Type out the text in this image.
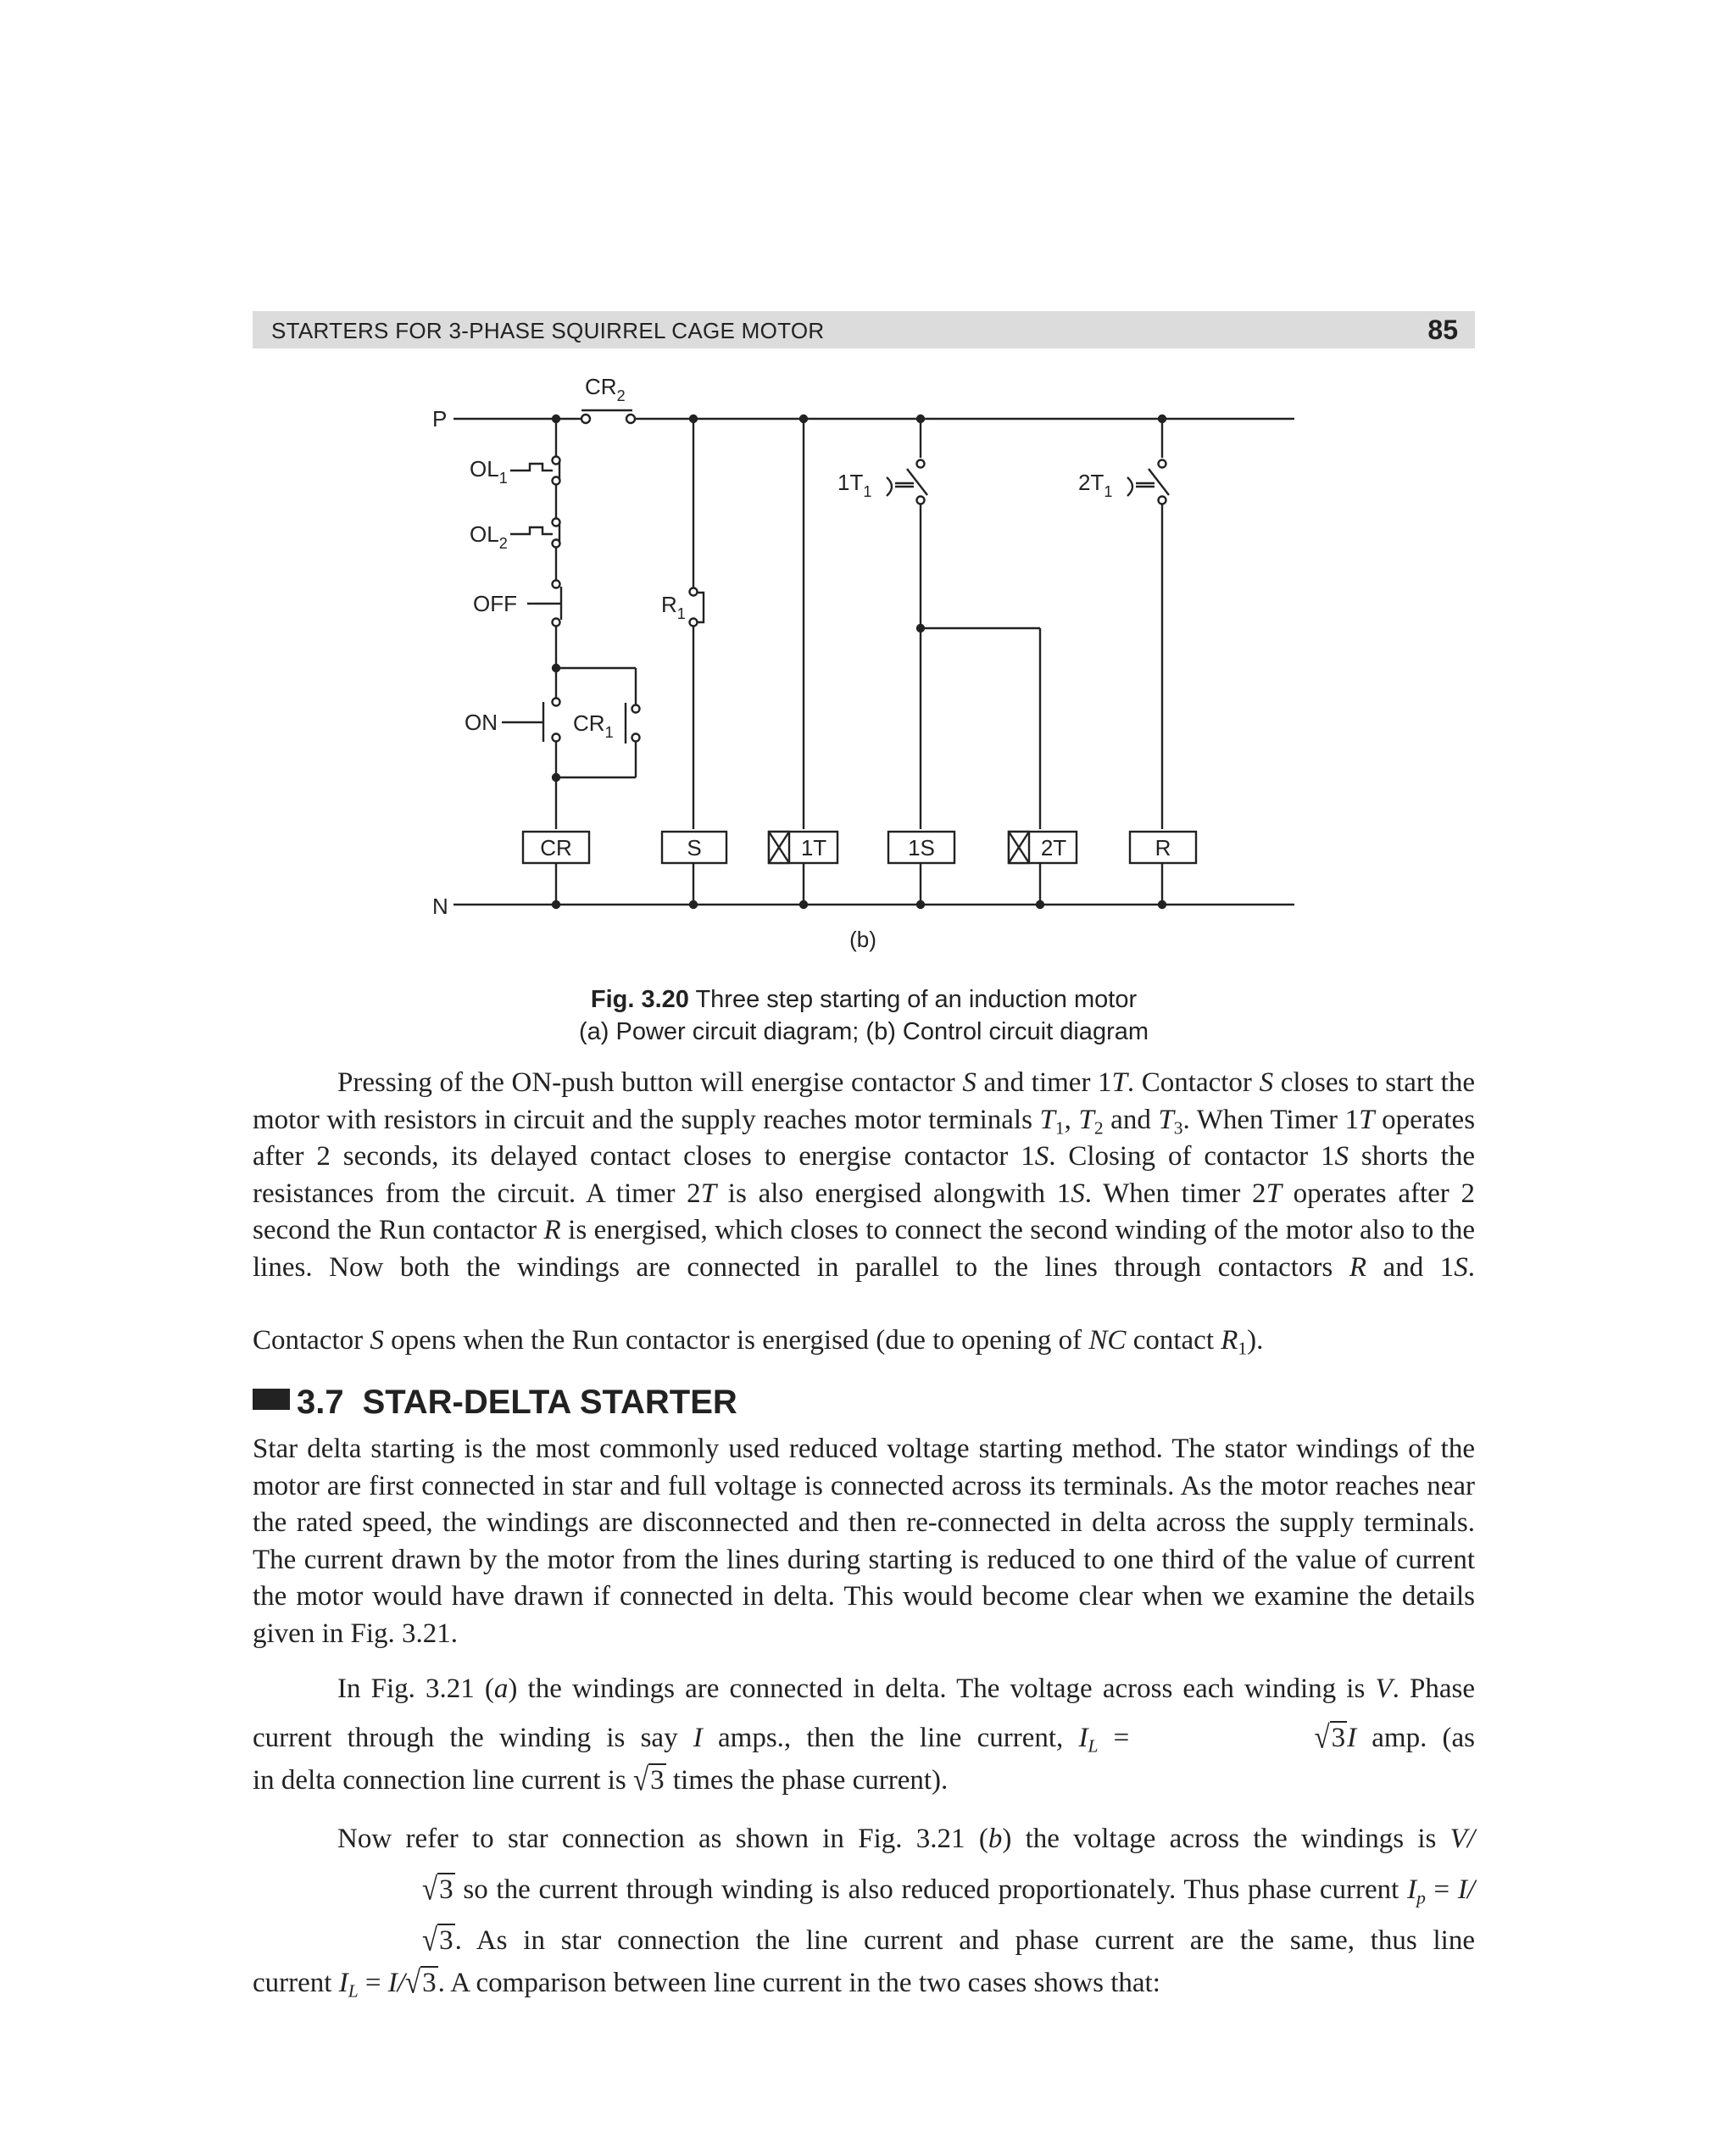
STARTERS FOR 3-PHASE SQUIRREL CAGE MOTOR	85
P
$CR_2$
$OL_1$
$OL_2$
OFF
ON	$CR_1$
$R_1$
$1T_1$	$2T_1$
CR	S	1T	1S	2T	R
N
(b)
Fig. 3.20 Three step starting of an induction motor
(a) Power circuit diagram; (b) Control circuit diagram
Pressing of the ON-push button will energise contactor S and timer 1T. Contactor S closes to start the motor with resistors in circuit and the supply reaches motor terminals $T_1$, $T_2$ and $T_3$. When Timer 1T operates after 2 seconds, its delayed contact closes to energise contactor 1S. Closing of contactor 1S shorts the resistances from the circuit. A timer 2T is also energised alongwith 1S. When timer 2T operates after 2 second the Run contactor R is energised, which closes to connect the second winding of the motor also to the lines. Now both the windings are connected in parallel to the lines through contactors R and 1S.
Contactor S opens when the Run contactor is energised (due to opening of NC contact $R_1$).
3.7 STAR-DELTA STARTER
Star delta starting is the most commonly used reduced voltage starting method. The stator windings of the motor are first connected in star and full voltage is connected across its terminals. As the motor reaches near the rated speed, the windings are disconnected and then re-connected in delta across the supply terminals. The current drawn by the motor from the lines during starting is reduced to one third of the value of current the motor would have drawn if connected in delta. This would become clear when we examine the details given in Fig. 3.21.
In Fig. 3.21 (a) the windings are connected in delta. The voltage across each winding is V. Phase current through the winding is say I amps., then the line current, $I_L$ =	√3I amp. (as
in delta connection line current is √3 times the phase current).
Now refer to star connection as shown in Fig. 3.21 (b) the voltage across the windings is V/√3 so the current through winding is also reduced proportionately. Thus phase current $I_p = I/√3$. As in star connection the line current and phase current are the same, thus line
current $I_L = I/√3$. A comparison between line current in the two cases shows that:
